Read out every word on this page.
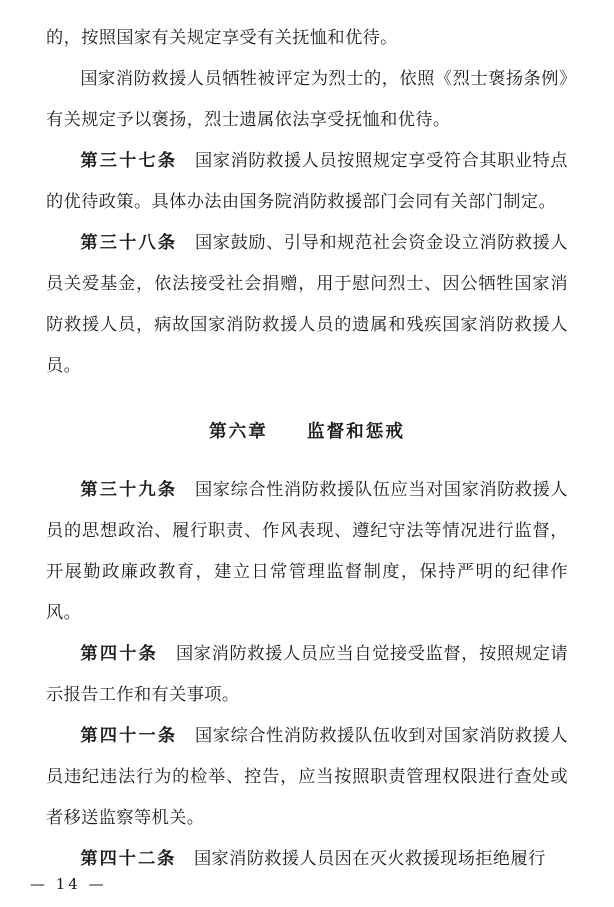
的，按照国家有关规定享受有关抚恤和优待。

国家消防救援人员牺牲被评定为烈士的，依照《烈士褒扬条例》有关规定予以褒扬，烈士遗属依法享受抚恤和优待。

第三十七条　 国家消防救援人员按照规定享受符合其职业特点的优待政策。具体办法由国务院消防救援部门会同有关部门制定。

第三十八条　 国家鼓励、引导和规范社会资金设立消防救援人员关爱基金，依法接受社会捐赠，用于慰问烈士、因公牺牲国家消防救援人员，病故国家消防救援人员的遗属和残疾国家消防救援人员。

第六章　　监督和惩戒

第三十九条　 国家综合性消防救援队伍应当对国家消防救援人员的思想政治、履行职责、作风表现、遵纪守法等情况进行监督，开展勤政廉政教育，建立日常管理监督制度，保持严明的纪律作风。

第四十条　 国家消防救援人员应当自觉接受监督，按照规定请示报告工作和有关事项。

第四十一条　 国家综合性消防救援队伍收到对国家消防救援人员违纪违法行为的检举、控告，应当按照职责管理权限进行查处或者移送监察等机关。

第四十二条　 国家消防救援人员因在灭火救援现场拒绝履行

— 14 —
